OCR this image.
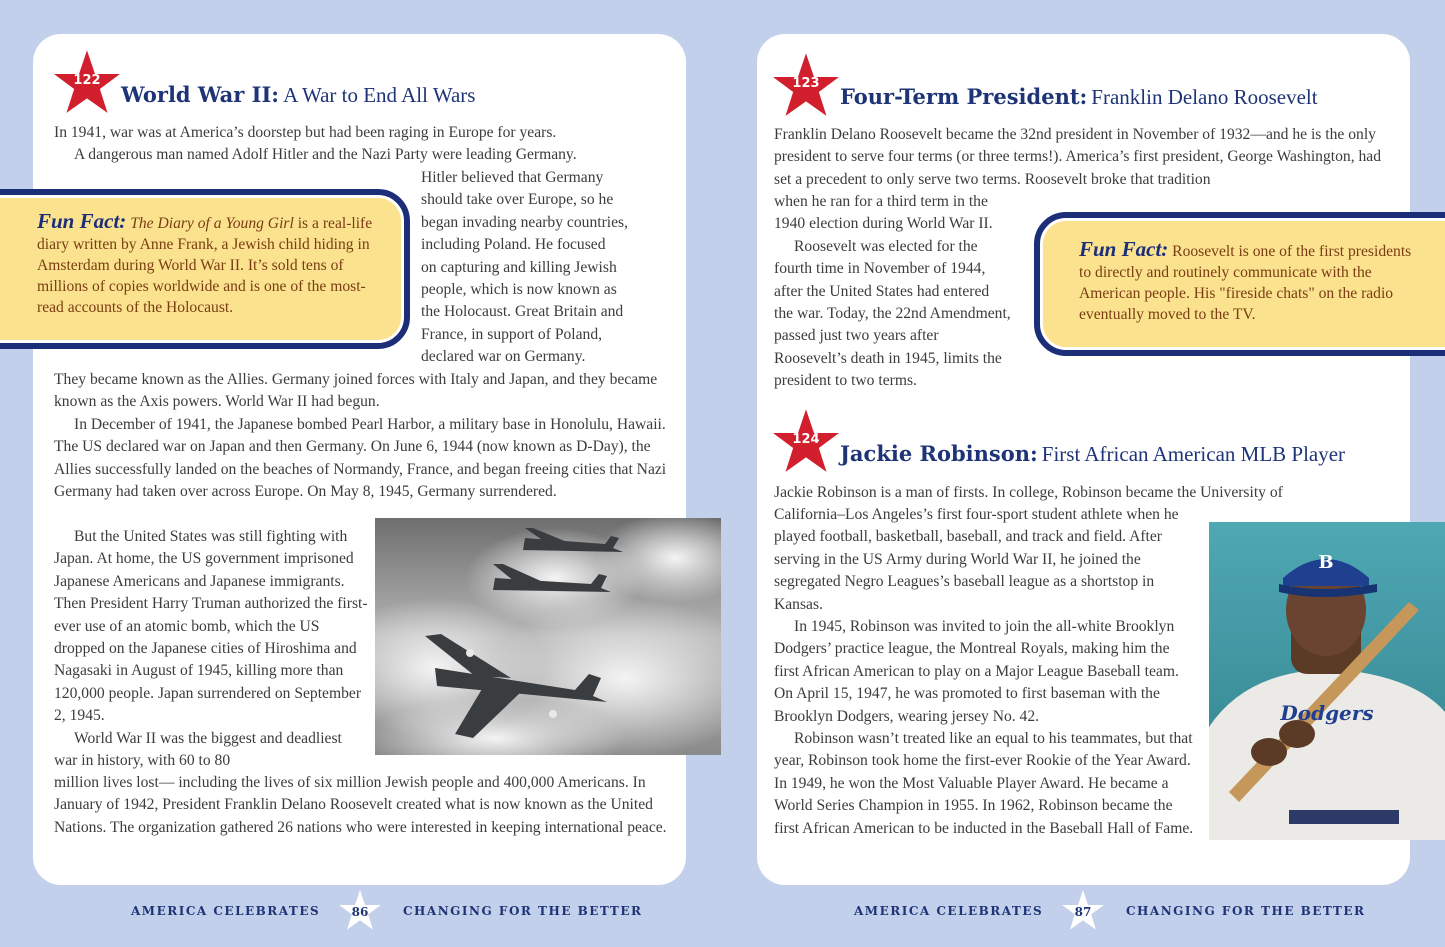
122
World War II: A War to End All Wars

In 1941, war was at America’s doorstep but had been raging in Europe for years.

A dangerous man named Adolf Hitler and the Nazi Party were leading Germany.

Hitler believed that Germany

should take over Europe, so he

began invading nearby countries,

including Poland. He focused

on capturing and killing Jewish

people, which is now known as

the Holocaust. Great Britain and

France, in support of Poland,

declared war on Germany.

Fun Fact: The Diary of a Young Girl is a real-life diary written by Anne Frank, a Jewish child hiding in Amsterdam during World War II. It’s sold tens of millions of copies worldwide and is one of the most-read accounts of the Holocaust.

They became known as the Allies. Germany joined forces with Italy and Japan, and they became known as the Axis powers. World War II had begun.

In December of 1941, the Japanese bombed Pearl Harbor, a military base in Honolulu, Hawaii. The US declared war on Japan and then Germany. On June 6, 1944 (now known as D-Day), the Allies successfully landed on the beaches of Normandy, France, and began freeing cities that Nazi Germany had taken over across Europe. On May 8, 1945, Germany surrendered.

But the United States was still fighting with Japan. At home, the US government imprisoned Japanese Americans and Japanese immigrants. Then President Harry Truman authorized the first-ever use of an atomic bomb, which the US dropped on the Japanese cities of Hiroshima and Nagasaki in August of 1945, killing more than 120,000 people. Japan surrendered on September 2, 1945.

World War II was the biggest and deadliest war in history, with 60 to 80

million lives lost— including the lives of six million Jewish people and 400,000 Americans. In January of 1942, President Franklin Delano Roosevelt created what is now known as the United Nations. The organization gathered 26 nations who were interested in keeping international peace.

AMERICA CELEBRATES	86	CHANGING FOR THE BETTER
123
Four-Term President: Franklin Delano Roosevelt

Franklin Delano Roosevelt became the 32nd president in November of 1932—and he is the only president to serve four terms (or three terms!). America’s first president, George Washington, had set a precedent to only serve two terms. Roosevelt broke that tradition

when he ran for a third term in the

1940 election during World War II.

Roosevelt was elected for the

fourth time in November of 1944,

after the United States had entered

the war. Today, the 22nd Amendment,

passed just two years after

Roosevelt’s death in 1945, limits the

president to two terms.

Fun Fact: Roosevelt is one of the first presidents to directly and routinely communicate with the American people. His "fireside chats" on the radio eventually moved to the TV.
124
Jackie Robinson: First African American MLB Player

Jackie Robinson is a man of firsts. In college, Robinson became the University of

California–Los Angeles’s first four-sport student athlete when he played football, basketball, baseball, and track and field. After serving in the US Army during World War II, he joined the segregated Negro Leagues’s baseball league as a shortstop in Kansas.

In 1945, Robinson was invited to join the all-white Brooklyn Dodgers’ practice league, the Montreal Royals, making him the first African American to play on a Major League Baseball team. On April 15, 1947, he was promoted to first baseman with the Brooklyn Dodgers, wearing jersey No. 42.

Robinson wasn’t treated like an equal to his teammates, but that year, Robinson took home the first-ever Rookie of the Year Award. In 1949, he won the Most Valuable Player Award. He became a World Series Champion in 1955. In 1962, Robinson became the first African American to be inducted in the Baseball Hall of Fame.

B
Dodgers
AMERICA CELEBRATES	87	CHANGING FOR THE BETTER
